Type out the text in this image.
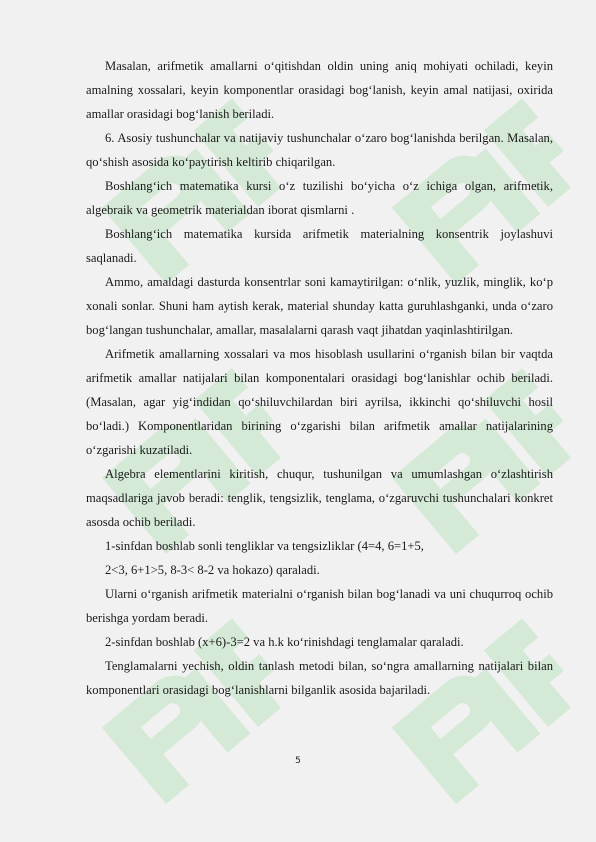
Masalan, arifmetik amallarni o‘qitishdan oldin uning aniq mohiyati ochiladi, keyin amalning xossalari, keyin komponentlar orasidagi bog‘lanish, keyin amal natijasi, oxirida amallar orasidagi bog‘lanish beriladi.

6. Asosiy tushunchalar va natijaviy tushunchalar o‘zaro bog‘lanishda berilgan. Masalan, qo‘shish asosida ko‘paytirish keltirib chiqarilgan.

Boshlang‘ich matematika kursi o‘z tuzilishi bo‘yicha o‘z ichiga olgan, arifmetik, algebraik va geometrik materialdan iborat qismlarni .

Boshlang‘ich matematika kursida arifmetik materialning konsentrik joylashuvi saqlanadi.

Ammo, amaldagi dasturda konsentrlar soni kamaytirilgan: o‘nlik, yuzlik, minglik, ko‘p xonali sonlar. Shuni ham aytish kerak, material shunday katta guruhlashganki, unda o‘zaro bog‘langan tushunchalar, amallar, masalalarni qarash vaqt jihatdan yaqinlashtirilgan.

Arifmetik amallarning xossalari va mos hisoblash usullarini o‘rganish bilan bir vaqtda arifmetik amallar natijalari bilan komponentalari orasidagi bog‘lanishlar ochib beriladi. (Masalan, agar yig‘indidan qo‘shiluvchilardan biri ayrilsa, ikkinchi qo‘shiluvchi hosil bo‘ladi.) Komponentlaridan birining o‘zgarishi bilan arifmetik amallar natijalarining o‘zgarishi kuzatiladi.

Algebra elementlarini kiritish, chuqur, tushunilgan va umumlashgan o‘zlashtirish maqsadlariga javob beradi: tenglik, tengsizlik, tenglama, o‘zgaruvchi tushunchalari konkret asosda ochib beriladi.

1-sinfdan boshlab sonli tengliklar va tengsizliklar (4=4, 6=1+5,

2<3, 6+1>5, 8-3< 8-2 va hokazo) qaraladi.

Ularni o‘rganish arifmetik materialni o‘rganish bilan bog‘lanadi va uni chuqurroq ochib berishga yordam beradi.

2-sinfdan boshlab (x+6)-3=2 va h.k ko‘rinishdagi tenglamalar qaraladi.

Tenglamalarni yechish, oldin tanlash metodi bilan, so‘ngra amallarning natijalari bilan komponentlari orasidagi bog‘lanishlarni bilganlik asosida bajariladi.

5
